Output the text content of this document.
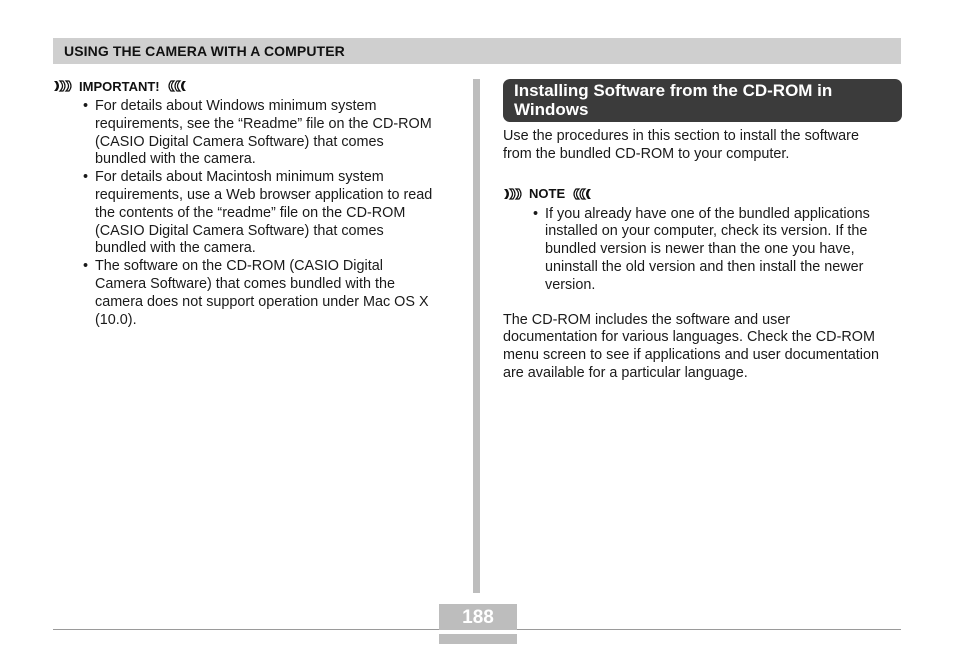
USING THE CAMERA WITH A COMPUTER
IMPORTANT!
• For details about Windows minimum system
requirements, see the “Readme” file on the CD-ROM
(CASIO Digital Camera Software) that comes
bundled with the camera.
• For details about Macintosh minimum system
requirements, use a Web browser application to read
the contents of the “readme” file on the CD-ROM
(CASIO Digital Camera Software) that comes
bundled with the camera.
• The software on the CD-ROM (CASIO Digital
Camera Software) that comes bundled with the
camera does not support operation under Mac OS X
(10.0).
Installing Software from the CD-ROM in
Windows

Use the procedures in this section to install the software
from the bundled CD-ROM to your computer.

NOTE
• If you already have one of the bundled applications
installed on your computer, check its version. If the
bundled version is newer than the one you have,
uninstall the old version and then install the newer
version.

The CD-ROM includes the software and user
documentation for various languages. Check the CD-ROM
menu screen to see if applications and user documentation
are available for a particular language.

188
